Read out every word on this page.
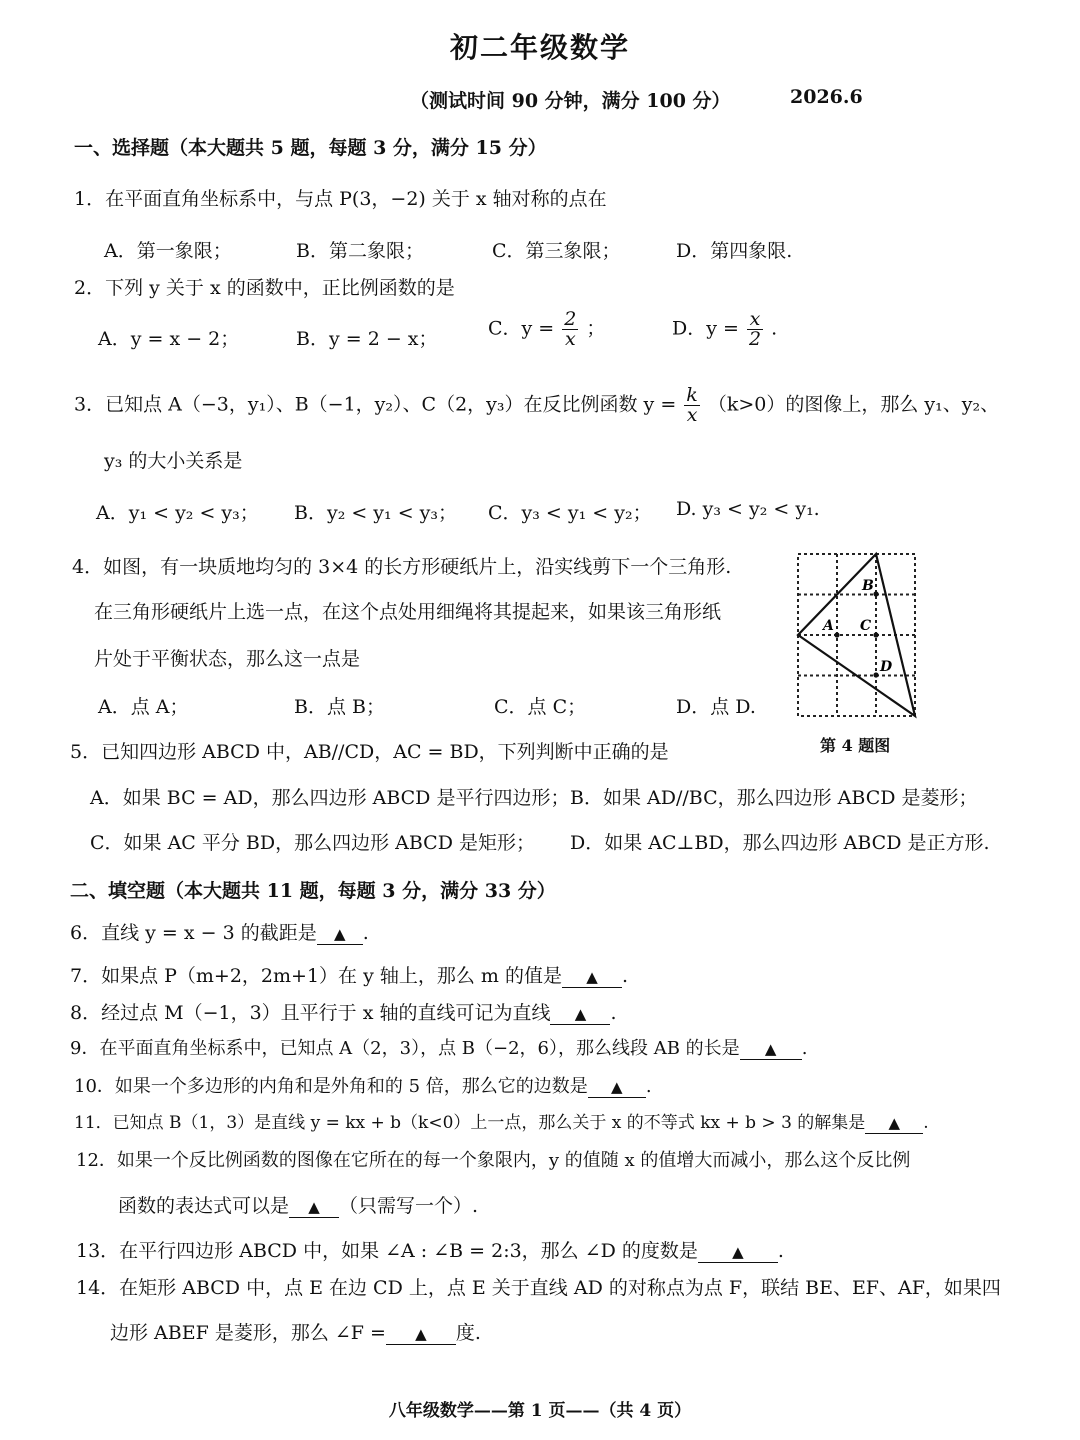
初二年级数学
（测试时间 90 分钟，满分 100 分）	2026.6
一、选择题（本大题共 5 题，每题 3 分，满分 15 分）
1．在平面直角坐标系中，与点 P(3，−2) 关于 x 轴对称的点在
A．第一象限；	B．第二象限；	C．第三象限；	D．第四象限.
2．下列 y 关于 x 的函数中，正比例函数的是
A．y = x − 2；	B．y = 2 − x；	C．$y = \frac{2}{x}$ ；	D．$y = \frac{x}{2}$ .
3．已知点 A（−3，y₁）、B（−1，y₂）、C（2，y₃）在反比例函数 $y = \frac{k}{x} (k>0)$的图像上，那么 y₁、y₂、
y₃ 的大小关系是
A．y₁ < y₂ < y₃； B．y₂ < y₁ < y₃； C．y₃ < y₁ < y₂； D. y₃ < y₂ < y₁.
4．如图，有一块质地均匀的 3×4 的长方形硬纸片上，沿实线剪下一个三角形.
在三角形硬纸片上选一点，在这个点处用细绳将其提起来，如果该三角形纸
片处于平衡状态，那么这一点是
A．点 A；	B．点 B；	C．点 C；	D．点 D.
B
A C
D
第 4 题图
5．已知四边形 ABCD 中，AB//CD，AC = BD，下列判断中正确的是
A．如果 BC = AD，那么四边形 ABCD 是平行四边形； B．如果 AD//BC，那么四边形 ABCD 是菱形；
C．如果 AC 平分 BD，那么四边形 ABCD 是矩形； D．如果 AC⊥BD，那么四边形 ABCD 是正方形.
二、填空题（本大题共 11 题，每题 3 分，满分 33 分）
6．直线 y = x − 3 的截距是 ▲ .
7．如果点 P（m+2，2m+1）在 y 轴上，那么 m 的值是 ▲ .
8．经过点 M（−1，3）且平行于 x 轴的直线可记为直线 ▲ .
9．在平面直角坐标系中，已知点 A（2，3），点 B（−2，6），那么线段 AB 的长是 ▲ .
10．如果一个多边形的内角和是外角和的 5 倍，那么它的边数是 ▲ .
11．已知点 B（1，3）是直线 y = kx + b（k<0）上一点，那么关于 x 的不等式 kx + b > 3 的解集是 ▲ .
12．如果一个反比例函数的图像在它所在的每一个象限内，y 的值随 x 的值增大而减小，那么这个反比例
函数的表达式可以是 ▲ （只需写一个）.
13．在平行四边形 ABCD 中，如果 ∠A : ∠B = 2:3，那么 ∠D 的度数是 ▲ .
14．在矩形 ABCD 中，点 E 在边 CD 上，点 E 关于直线 AD 的对称点为点 F，联结 BE、EF、AF，如果四
边形 ABEF 是菱形，那么 ∠F = ▲ 度.
八年级数学——第 1 页——（共 4 页）
